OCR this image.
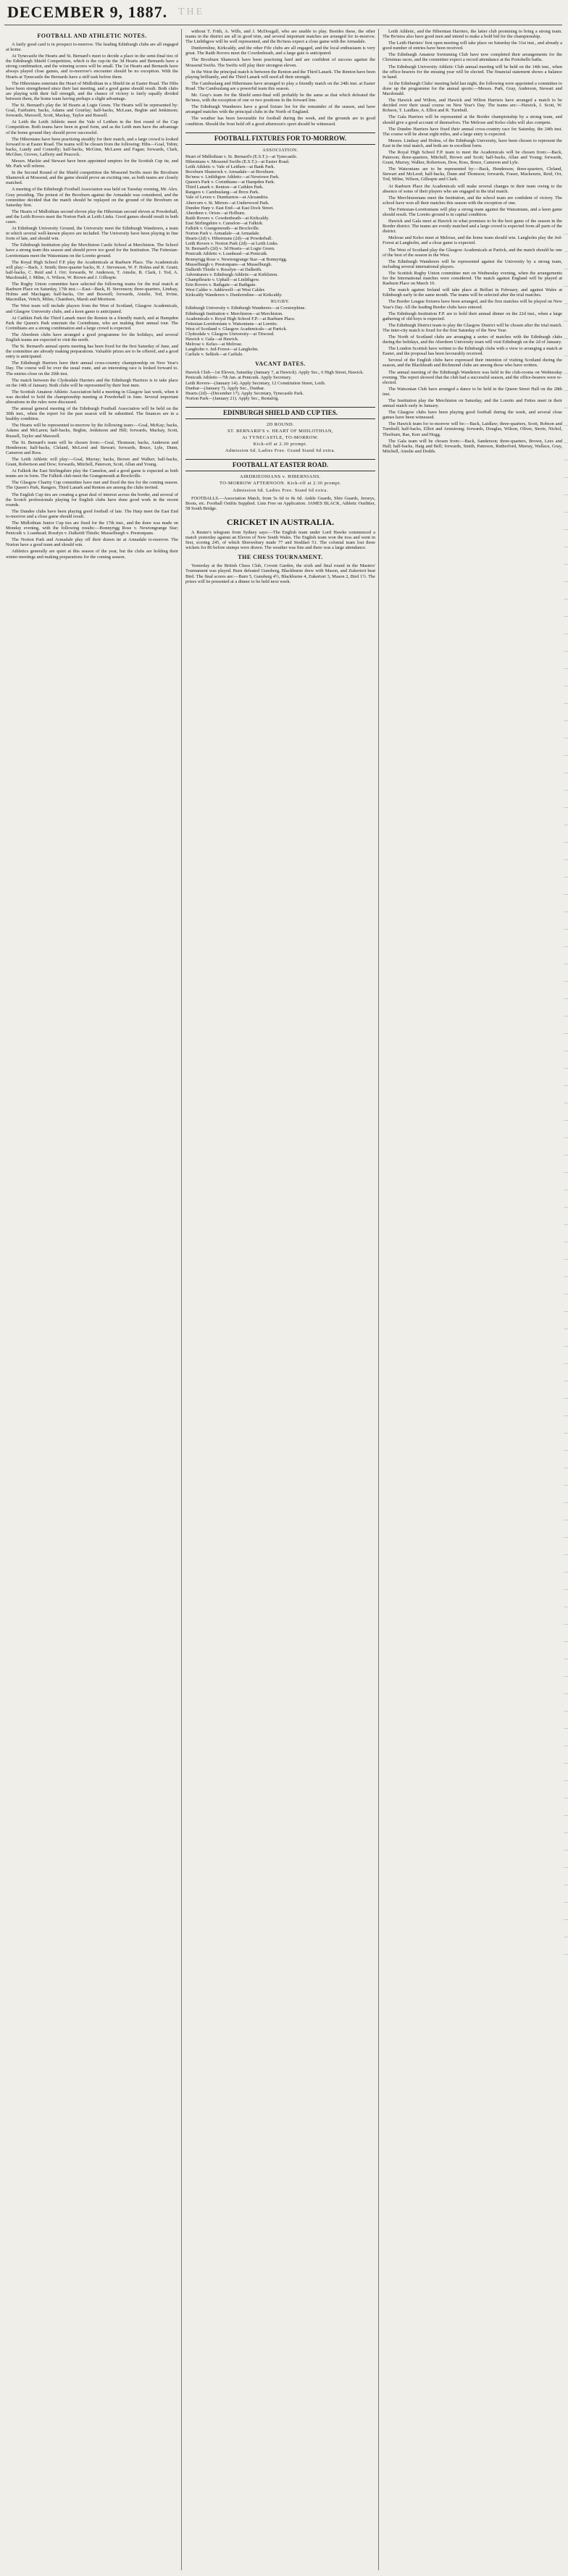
DECEMBER 9, 1887. THE
FOOTBALL AND ATHLETIC NOTES.
A fairly good card is in prospect to-morrow. The leading Edinburgh clubs are all engaged at home.
At Tynecastle the Hearts and St. Bernard's meet to decide a place in the semi-final ties of the Edinburgh Shield Competition, which is the cup-tie the 3d Hearts and Bernards have a strong combination, and the winning scores will be small. The 1st Hearts and Bernards have always played close games, and to-morrow's encounter should be no exception. With the Hearts at Tynecastle the Bernards have a stiff task before them.
The Hibernians entertain the Heart of Midlothian in a Shield tie at Easter Road. The Hibs have been strengthened since their last meeting, and a good game should result. Both clubs are playing with their full strength, and the chance of victory is fairly equally divided between them, the home team having perhaps a slight advantage.
The St. Bernard's play the 3d Hearts at Logie Green. The Hearts will be represented by: Goal, Fairbairn; backs, Adams and Gourlay; half-backs, McLean, Begbie and Jenkinson; forwards, Maxwell, Scott, Mackay, Taylor and Russell.
At Leith the Leith Athletic meet the Vale of Leithen in the first round of the Cup Competition. Both teams have been in good form, and as the Leith men have the advantage of the home ground they should prove successful.
The Hibernians have been practising steadily for their match, and a large crowd is looked forward to at Easter Road. The teams will be chosen from the following: Hibs—Goal, Tobin; backs, Lundy and Connolly; half-backs, McGinn, McLaren and Fagan; forwards, Clark, McGhee, Groves, Lafferty and Peacock.
Messrs. Mackie and Stewart have been appointed umpires for the Scottish Cup tie, and Mr. Park will referee.
In the Second Round of the Shield competition the Mossend Swifts meet the Broxburn Shamrock at Mossend, and the game should prove an exciting one, as both teams are closely matched.
A meeting of the Edinburgh Football Association was held on Tuesday evening, Mr. Alex. Gray presiding. The protest of the Broxburn against the Armadale was considered, and the committee decided that the match should be replayed on the ground of the Broxburn on Saturday first.
The Hearts of Midlothian second eleven play the Hibernian second eleven at Powderhall, and the Leith Rovers meet the Norton Park at Leith Links. Good games should result in both cases.
At Edinburgh University Ground, the University meet the Edinburgh Wanderers, a team in which several well-known players are included. The University have been playing in fine form of late, and should win.
The Edinburgh Institution play the Merchiston Castle School at Merchiston. The School have a strong team this season and should prove too good for the Institution. The Fettesian-Lorettonians meet the Watsonians on the Loretto ground.
The Royal High School F.P. play the Academicals at Raeburn Place. The Academicals will play:—Back, J. Smith; three-quarter backs, H. J. Stevenson, W. F. Holms and R. Grant; half-backs, C. Reid and J. Orr; forwards, W. Anderson, T. Ainslie, R. Clark, J. Tod, A. Macdonald, J. Milne, A. Wilson, W. Brown and J. Gillespie.
The Rugby Union committee have selected the following teams for the trial match at Raeburn Place on Saturday, 17th inst.:—East—Back, H. Stevenson; three-quarters, Lindsay, Holms and Maclagan; half-backs, Orr and Boswell; forwards, Ainslie, Tod, Irvine, Macmillan, Veitch, Milne, Chambers, Marsh and Morrison.
The West team will include players from the West of Scotland, Glasgow Academicals, and Glasgow University clubs, and a keen game is anticipated.
At Cathkin Park the Third Lanark meet the Renton in a friendly match, and at Hampden Park the Queen's Park entertain the Corinthians, who are making their annual tour. The Corinthians are a strong combination and a large crowd is expected.
The Aberdeen clubs have arranged a good programme for the holidays, and several English teams are expected to visit the north.
The St. Bernard's annual sports meeting has been fixed for the first Saturday of June, and the committee are already making preparations. Valuable prizes are to be offered, and a good entry is anticipated.
The Edinburgh Harriers have their annual cross-country championship on New Year's Day. The course will be over the usual route, and an interesting race is looked forward to. The entries close on the 20th inst.
The match between the Clydesdale Harriers and the Edinburgh Harriers is to take place on the 14th of January. Both clubs will be represented by their best men.
The Scottish Amateur Athletic Association held a meeting in Glasgow last week, when it was decided to hold the championship meeting at Powderhall in June. Several important alterations in the rules were discussed.
The annual general meeting of the Edinburgh Football Association will be held on the 30th inst., when the report for the past season will be submitted. The finances are in a healthy condition.
The Hearts will be represented to-morrow by the following team:—Goal, McKay; backs, Adams and McLaren; half-backs, Begbie, Jenkinson and Hill; forwards, Mackay, Scott, Russell, Taylor and Maxwell.
The St. Bernard's team will be chosen from:—Goal, Thomson; backs, Anderson and Henderson; half-backs, Cleland, McLeod and Stewart; forwards, Bruce, Lyle, Dunn, Cameron and Ross.
The Leith Athletic will play:—Goal, Murray; backs, Brown and Walker; half-backs, Grant, Robertson and Dow; forwards, Mitchell, Paterson, Scott, Allan and Young.
At Falkirk the East Stirlingshire play the Camelon, and a good game is expected as both teams are in form. The Falkirk club meet the Grangemouth at Brockville.
The Glasgow Charity Cup committee have met and fixed the ties for the coming season. The Queen's Park, Rangers, Third Lanark and Renton are among the clubs invited.
The English Cup ties are creating a great deal of interest across the border, and several of the Scotch professionals playing for English clubs have done good work in the recent rounds.
The Dundee clubs have been playing good football of late. The Harp meet the East End to-morrow and a close game should result.
The Midlothian Junior Cup ties are fixed for the 17th inst., and the draw was made on Monday evening, with the following results:—Bonnyrigg Rose v. Newtongrange Star; Penicuik v. Loanhead; Rosslyn v. Dalkeith Thistle; Musselburgh v. Prestonpans.
The Norton Park and Armadale play off their drawn tie at Armadale to-morrow. The Norton have a good team and should win.
Athletics generally are quiet at this season of the year, but the clubs are holding their winter meetings and making preparations for the coming season.
without T. Frith, A. Wills, and J. McDougall, who are unable to play. Besides these, the other teams in the district are all in good trim, and several important matches are arranged for to-morrow. The Linlithgow will be well represented, and the Bo'ness expect a close game with the Armadale.
Dunfermline, Kirkcaldy, and the other Fife clubs are all engaged, and the local enthusiasm is very great. The Raith Rovers meet the Cowdenbeath, and a large gate is anticipated.
The Broxburn Shamrock have been practising hard and are confident of success against the Mossend Swifts. The Swifts will play their strongest eleven.
In the West the principal match is between the Renton and the Third Lanark. The Renton have been playing brilliantly, and the Third Lanark will need all their strength.
The Cambuslang and Hibernians have arranged to play a friendly match on the 24th inst. at Easter Road. The Cambuslang are a powerful team this season.
Mr. Gray's team for the Shield semi-final will probably be the same as that which defeated the Bo'ness, with the exception of one or two positions in the forward line.
The Edinburgh Wanderers have a good fixture list for the remainder of the season, and have arranged matches with the principal clubs in the North of England.
The weather has been favourable for football during the week, and the grounds are in good condition. Should the frost hold off a good afternoon's sport should be witnessed.
FOOTBALL FIXTURES FOR TO-MORROW.
ASSOCIATION.
Heart of Midlothian v. St. Bernard's (E.S.T.)—at Tynecastle.
Hibernians v. Mossend Swifts (E.S.T.)—at Easter Road.
Leith Athletic v. Vale of Leithen—at Bank Park.
Broxburn Shamrock v. Armadale—at Broxburn.
Bo'ness v. Linlithgow Athletic—at Newtown Park.
Queen's Park v. Corinthians—at Hampden Park.
Third Lanark v. Renton—at Cathkin Park.
Rangers v. Cambuslang—at Ibrox Park.
Vale of Leven v. Dumbarton—at Alexandria.
Abercorn v. St. Mirren—at Underwood Park.
Dundee Harp v. East End—at East Dock Street.
Aberdeen v. Orion—at Holburn.
Raith Rovers v. Cowdenbeath—at Kirkcaldy.
East Stirlingshire v. Camelon—at Falkirk.
Falkirk v. Grangemouth—at Brockville.
Norton Park v. Armadale—at Armadale.
Hearts (2d) v. Hibernians (2d)—at Powderhall.
Leith Rovers v. Norton Park (2d)—at Leith Links.
St. Bernard's (2d) v. 3d Hearts—at Logie Green.
Penicuik Athletic v. Loanhead—at Penicuik.
Bonnyrigg Rose v. Newtongrange Star—at Bonnyrigg.
Musselburgh v. Prestonpans—at Musselburgh.
Dalkeith Thistle v. Rosslyn—at Dalkeith.
Adventurers v. Edinburgh Athletic—at Kirkliston.
Champfleurie v. Uphall—at Linlithgow.
Erin Rovers v. Bathgate—at Bathgate.
West Calder v. Addiewell—at West Calder.
Kirkcaldy Wanderers v. Dunfermline—at Kirkcaldy.
RUGBY.
Edinburgh University v. Edinburgh Wanderers—at Corstorphine.
Edinburgh Institution v. Merchiston—at Merchiston.
Academicals v. Royal High School F.P.—at Raeburn Place.
Fettesian-Lorettonians v. Watsonians—at Loretto.
West of Scotland v. Glasgow Academicals—at Partick.
Clydesdale v. Glasgow University—at Titwood.
Hawick v. Gala—at Hawick.
Melrose v. Kelso—at Melrose.
Langholm v. Jed-Forest—at Langholm.
Carlisle v. Selkirk—at Carlisle.
VACANT DATES.
Hawick Club—1st Eleven, Saturday (January 7, at Hawick). Apply Sec., 6 High Street, Hawick.
Penicuik Athletic—7th Jan. at Penicuik. Apply Secretary.
Leith Rovers—(January 14). Apply Secretary, 12 Constitution Street, Leith.
Dunbar—(January 7). Apply Sec., Dunbar.
Hearts (2d)—(December 17). Apply Secretary, Tynecastle Park.
Norton Park—(January 21). Apply Sec., Restalrig.
EDINBURGH SHIELD AND CUP TIES.
2D ROUND.
ST. BERNARD'S v. HEART OF MIDLOTHIAN,
At TYNECASTLE, TO-MORROW.
Kick-off at 2.30 prompt.
Admission 6d. Ladies Free. Grand Stand 6d extra.
FOOTBALL AT EASTER ROAD.
AIRDRIEONIANS v. HIBERNIANS.
TO-MORROW AFTERNOON. Kick-off at 2.30 prompt.
Admission 6d. Ladies Free. Stand 6d extra.
FOOTBALLS.—Association Match, from 5s 6d to 8s 6d. Ankle Guards, Shin Guards, Jerseys, Boots, etc. Football Outfits Supplied. Lists Free on Application. JAMES BLACK, Athletic Outfitter, 58 South Bridge.
CRICKET IN AUSTRALIA.
A Reuter's telegram from Sydney says:—The English team under Lord Hawke commenced a match yesterday against an Eleven of New South Wales. The English team won the toss and went in first, scoring 245, of which Shrewsbury made 77 and Stoddart 51. The colonial team lost three wickets for 86 before stumps were drawn. The weather was fine and there was a large attendance.
THE CHESS TOURNAMENT.
Yesterday at the British Chess Club, Covent Garden, the sixth and final round in the Masters' Tournament was played. Burn defeated Gunsberg, Blackburne drew with Mason, and Zukertort beat Bird. The final scores are:—Burn 5, Gunsberg 4½, Blackburne 4, Zukertort 3, Mason 2, Bird 1½. The prizes will be presented at a dinner to be held next week.
Leith Athletic, and the Hibernian Harriers, the latter club promising to bring a strong team. The Bo'ness also have good men and intend to make a bold bid for the championship.
The Leith Harriers' first open meeting will take place on Saturday the 31st inst., and already a good number of entries have been received.
The Edinburgh Amateur Swimming Club have now completed their arrangements for the Christmas races, and the committee expect a record attendance at the Portobello baths.
The Edinburgh University Athletic Club annual meeting will be held on the 14th inst., when the office-bearers for the ensuing year will be elected. The financial statement shows a balance in hand.
At the Edinburgh Clubs' meeting held last night, the following were appointed a committee to draw up the programme for the annual sports:—Messrs. Park, Gray, Anderson, Stewart and Macdonald.
The Hawick and Wilton, and Hawick and Wilton Harriers have arranged a match to be decided over their usual course on New Year's Day. The teams are:—Hawick, J. Scott, W. Robson, T. Laidlaw, A. Elliot and R. Turnbull.
The Gala Harriers will be represented at the Border championship by a strong team, and should give a good account of themselves. The Melrose and Kelso clubs will also compete.
The Dundee Harriers have fixed their annual cross-country race for Saturday, the 24th inst. The course will be about eight miles, and a large entry is expected.
Messrs. Lindsay and Holms, of the Edinburgh University, have been chosen to represent the East in the trial match, and both are in excellent form.
The Royal High School F.P. team to meet the Academicals will be chosen from:—Back, Paterson; three-quarters, Mitchell, Brown and Scott; half-backs, Allan and Young; forwards, Grant, Murray, Walker, Robertson, Dow, Ross, Bruce, Cameron and Lyle.
The Watsonians are to be represented by:—Back, Henderson; three-quarters, Cleland, Stewart and McLeod; half-backs, Dunn and Thomson; forwards, Fraser, Mackenzie, Reid, Orr, Tod, Milne, Wilson, Gillespie and Clark.
At Raeburn Place the Academicals will make several changes in their team owing to the absence of some of their players who are engaged in the trial match.
The Merchistonians meet the Institution, and the school team are confident of victory. The school have won all their matches this season with the exception of one.
The Fettesian-Lorettonians will play a strong team against the Watsonians, and a keen game should result. The Loretto ground is in capital condition.
Hawick and Gala meet at Hawick in what promises to be the best game of the season in the Border district. The teams are evenly matched and a large crowd is expected from all parts of the district.
Melrose and Kelso meet at Melrose, and the home team should win. Langholm play the Jed-Forest at Langholm, and a close game is expected.
The West of Scotland play the Glasgow Academicals at Partick, and the match should be one of the best of the season in the West.
The Edinburgh Wanderers will be represented against the University by a strong team, including several international players.
The Scottish Rugby Union committee met on Wednesday evening, when the arrangements for the International matches were considered. The match against England will be played at Raeburn Place on March 10.
The match against Ireland will take place at Belfast in February, and against Wales at Edinburgh early in the same month. The teams will be selected after the trial matches.
The Border League fixtures have been arranged, and the first matches will be played on New Year's Day. All the leading Border clubs have entered.
The Edinburgh Institution F.P. are to hold their annual dinner on the 22d inst., when a large gathering of old boys is expected.
The Edinburgh District team to play the Glasgow District will be chosen after the trial match. The inter-city match is fixed for the first Saturday of the New Year.
The North of Scotland clubs are arranging a series of matches with the Edinburgh clubs during the holidays, and the Aberdeen University team will visit Edinburgh on the 2d of January.
The London Scottish have written to the Edinburgh clubs with a view to arranging a match at Easter, and the proposal has been favourably received.
Several of the English clubs have expressed their intention of visiting Scotland during the season, and the Blackheath and Richmond clubs are among those who have written.
The annual meeting of the Edinburgh Wanderers was held in the club-rooms on Wednesday evening. The report showed that the club had a successful season, and the office-bearers were re-elected.
The Watsonian Club have arranged a dance to be held in the Queen Street Hall on the 28th inst.
The Institution play the Merchiston on Saturday, and the Loretto and Fettes meet in their annual match early in January.
The Glasgow clubs have been playing good football during the week, and several close games have been witnessed.
The Hawick team for to-morrow will be:—Back, Laidlaw; three-quarters, Scott, Robson and Turnbull; half-backs, Elliot and Armstrong; forwards, Douglas, Wilson, Oliver, Storie, Nichol, Thorburn, Rae, Kerr and Hogg.
The Gala team will be chosen from:—Back, Sanderson; three-quarters, Brown, Lees and Hall; half-backs, Haig and Bell; forwards, Smith, Paterson, Rutherford, Murray, Wallace, Gray, Mitchell, Ainslie and Dodds.
